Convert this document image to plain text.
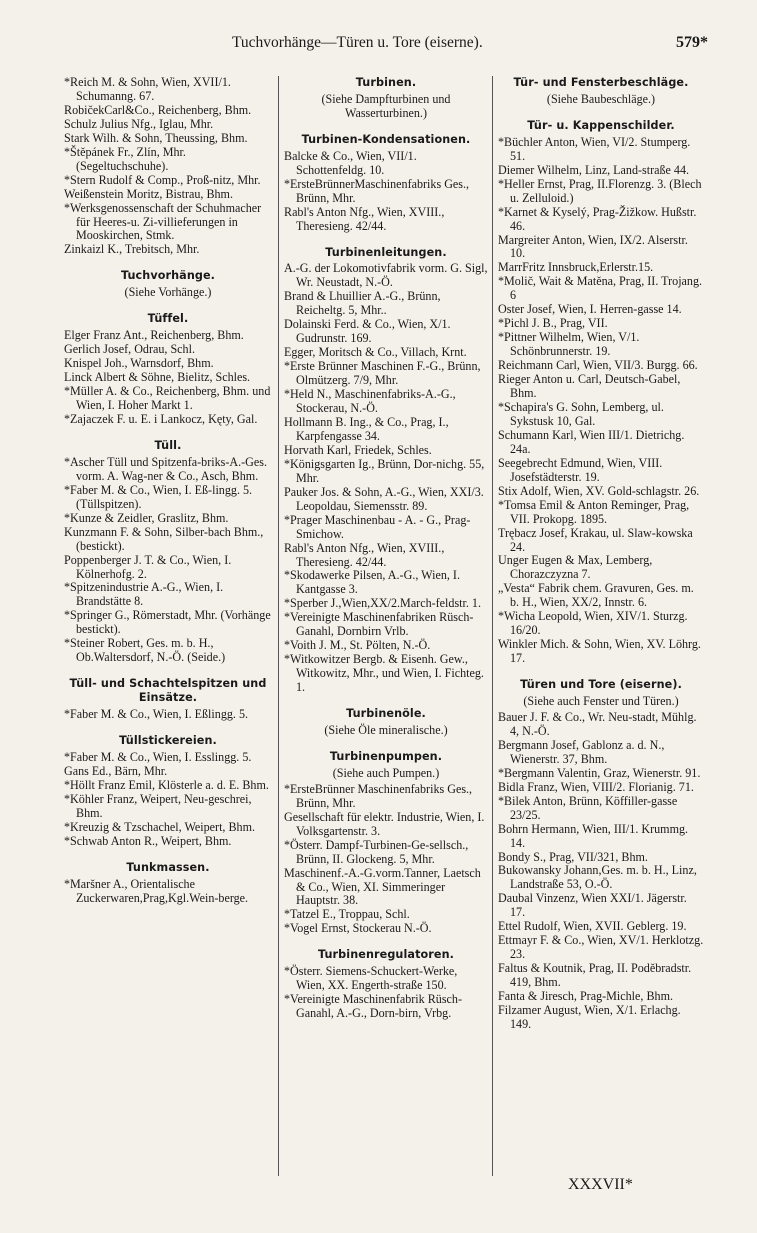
Tuchvorhänge—Türen u. Tore (eiserne).	579*
*Reich M. & Sohn, Wien, XVII/1. Schumanng. 67.
RobičekCarl&Co., Reichenberg, Bhm.
Schulz Julius Nfg., Iglau, Mhr.
Stark Wilh. & Sohn, Theussing, Bhm.
*Štěpánek Fr., Zlín, Mhr. (Segeltuchschuhe).
*Stern Rudolf & Comp., Proß-nitz, Mhr.
Weißenstein Moritz, Bistrau, Bhm.
*Werksgenossenschaft der Schuhmacher für Heeres-u. Zi-villieferungen in Mooskirchen, Stmk.
Zinkaizl K., Trebitsch, Mhr.
Tuchvorhänge.
(Siehe Vorhänge.)
Tüffel.
Elger Franz Ant., Reichenberg, Bhm.
Gerlich Josef, Odrau, Schl.
Knispel Joh., Warnsdorf, Bhm.
Linck Albert & Söhne, Bielitz, Schles.
*Müller A. & Co., Reichenberg, Bhm. und Wien, I. Hoher Markt 1.
*Zajaczek F. u. E. i Lankocz, Kęty, Gal.
Tüll.
*Ascher Tüll und Spitzenfa-briks-A.-Ges. vorm. A. Wag-ner & Co., Asch, Bhm.
*Faber M. & Co., Wien, I. Eß-lingg. 5. (Tüllspitzen).
*Kunze & Zeidler, Graslitz, Bhm.
Kunzmann F. & Sohn, Silber-bach Bhm., (bestickt).
Poppenberger J. T. & Co., Wien, I. Kölnerhofg. 2.
*Spitzenindustrie A.-G., Wien, I. Brandstätte 8.
*Springer G., Römerstadt, Mhr. (Vorhänge bestickt).
*Steiner Robert, Ges. m. b. H., Ob.Waltersdorf, N.-Ö. (Seide.)
Tüll- und Schachtelspitzen und Einsätze.
*Faber M. & Co., Wien, I. Eßlingg. 5.
Tüllstickereien.
*Faber M. & Co., Wien, I. Esslingg. 5.
Gans Ed., Bärn, Mhr.
*Höllt Franz Emil, Klösterle a. d. E. Bhm.
*Köhler Franz, Weipert, Neu-geschrei, Bhm.
*Kreuzig & Tzschachel, Weipert, Bhm.
*Schwab Anton R., Weipert, Bhm.
Tunkmassen.
*Maršner A., Orientalische Zuckerwaren,Prag,Kgl.Wein-berge.
Turbinen.
(Siehe Dampfturbinen und Wasserturbinen.)
Turbinen-Kondensationen.
Balcke & Co., Wien, VII/1. Schottenfeldg. 10.
*ErsteBrünnerMaschinenfabriks Ges., Brünn, Mhr.
Rabl's Anton Nfg., Wien, XVIII., Theresieng. 42/44.
Turbinenleitungen.
A.-G. der Lokomotivfabrik vorm. G. Sigl, Wr. Neustadt, N.-Ö.
Brand & Lhuillier A.-G., Brünn, Reicheltg. 5, Mhr..
Dolainski Ferd. & Co., Wien, X/1. Gudrunstr. 169.
Egger, Moritsch & Co., Villach, Krnt.
*Erste Brünner Maschinen F.-G., Brünn, Olmützerg. 7/9, Mhr.
*Held N., Maschinenfabriks-A.-G., Stockerau, N.-Ö.
Hollmann B. Ing., & Co., Prag, I., Karpfengasse 34.
Horvath Karl, Friedek, Schles.
*Königsgarten Ig., Brünn, Dor-nichg. 55, Mhr.
Pauker Jos. & Sohn, A.-G., Wien, XXI/3. Leopoldau, Siemensstr. 89.
*Prager Maschinenbau - A. - G., Prag-Smichow.
Rabl's Anton Nfg., Wien, XVIII., Theresieng. 42/44.
*Skodawerke Pilsen, A.-G., Wien, I. Kantgasse 3.
*Sperber J.,Wien,XX/2.March-feldstr. 1.
*Vereinigte Maschinenfabriken Rüsch-Ganahl, Dornbirn Vrlb.
*Voith J. M., St. Pölten, N.-Ö.
*Witkowitzer Bergb. & Eisenh. Gew., Witkowitz, Mhr., und Wien, I. Fichteg. 1.
Turbinenöle.
(Siehe Öle mineralische.)
Turbinenpumpen.
(Siehe auch Pumpen.)
*ErsteBrünner Maschinenfabriks Ges., Brünn, Mhr.
Gesellschaft für elektr. Industrie, Wien, I. Volksgartenstr. 3.
*Österr. Dampf-Turbinen-Ge-sellsch., Brünn, II. Glockeng. 5, Mhr.
Maschinenf.-A.-G.vorm.Tanner, Laetsch & Co., Wien, XI. Simmeringer Hauptstr. 38.
*Tatzel E., Troppau, Schl.
*Vogel Ernst, Stockerau N.-Ö.
Turbinenregulatoren.
*Österr. Siemens-Schuckert-Werke, Wien, XX. Engerth-straße 150.
*Vereinigte Maschinenfabrik Rüsch-Ganahl, A.-G., Dorn-birn, Vrbg.
Tür- und Fensterbeschläge.
(Siehe Baubeschläge.)
Tür- u. Kappenschilder.
*Büchler Anton, Wien, VI/2. Stumperg. 51.
Diemer Wilhelm, Linz, Land-straße 44.
*Heller Ernst, Prag, II.Florenzg. 3. (Blech u. Zelluloid.)
*Karnet & Kyselý, Prag-Žižkow. Hußstr. 46.
Margreiter Anton, Wien, IX/2. Alserstr. 10.
MarrFritz Innsbruck,Erlerstr.15.
*Molič, Wait & Matěna, Prag, II. Trojang. 6
Oster Josef, Wien, I. Herren-gasse 14.
*Pichl J. B., Prag, VII.
*Pittner Wilhelm, Wien, V/1. Schönbrunnerstr. 19.
Reichmann Carl, Wien, VII/3. Burgg. 66.
Rieger Anton u. Carl, Deutsch-Gabel, Bhm.
*Schapira's G. Sohn, Lemberg, ul. Sykstusk 10, Gal.
Schumann Karl, Wien III/1. Dietrichg. 24a.
Seegebrecht Edmund, Wien, VIII. Josefstädterstr. 19.
Stix Adolf, Wien, XV. Gold-schlagstr. 26.
*Tomsa Emil & Anton Reminger, Prag, VII. Prokopg. 1895.
Trębacz Josef, Krakau, ul. Slaw-kowska 24.
Unger Eugen & Max, Lemberg, Chorazczyzna 7.
„Vesta“ Fabrik chem. Gravuren, Ges. m. b. H., Wien, XX/2, Innstr. 6.
*Wicha Leopold, Wien, XIV/1. Sturzg. 16/20.
Winkler Mich. & Sohn, Wien, XV. Löhrg. 17.
Türen und Tore (eiserne).
(Siehe auch Fenster und Türen.)
Bauer J. F. & Co., Wr. Neu-stadt, Mühlg. 4, N.-Ö.
Bergmann Josef, Gablonz a. d. N., Wienerstr. 37, Bhm.
*Bergmann Valentin, Graz, Wienerstr. 91.
Bidla Franz, Wien, VIII/2. Florianig. 71.
*Bilek Anton, Brünn, Köffiller-gasse 23/25.
Bohrn Hermann, Wien, III/1. Krummg. 14.
Bondy S., Prag, VII/321, Bhm.
Bukowansky Johann,Ges. m. b. H., Linz, Landstraße 53, O.-Ö.
Daubal Vinzenz, Wien XXI/1. Jägerstr. 17.
Ettel Rudolf, Wien, XVII. Geblerg. 19.
Ettmayr F. & Co., Wien, XV/1. Herklotzg. 23.
Faltus & Koutnik, Prag, II. Poděbradstr. 419, Bhm.
Fanta & Jiresch, Prag-Michle, Bhm.
Filzamer August, Wien, X/1. Erlachg. 149.
XXXVII*
